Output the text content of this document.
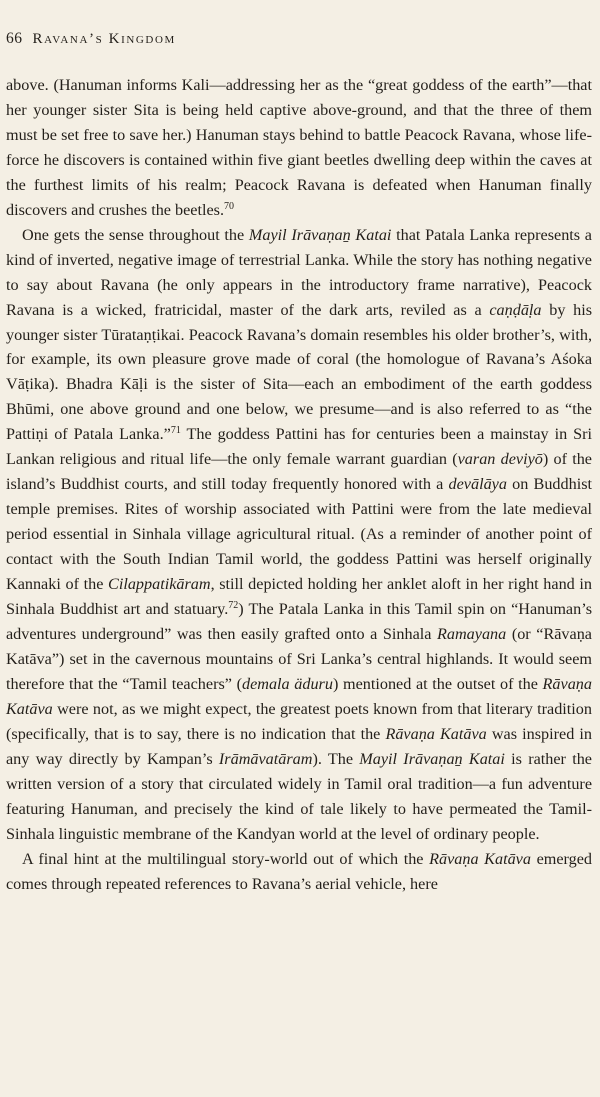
66 Ravana’s Kingdom

above. (Hanuman informs Kali—addressing her as the “great goddess of the earth”—that her younger sister Sita is being held captive above-ground, and that the three of them must be set free to save her.) Hanuman stays behind to battle Peacock Ravana, whose life-force he discovers is contained within five giant beetles dwelling deep within the caves at the furthest limits of his realm; Peacock Ravana is defeated when Hanuman finally discovers and crushes the beetles.$^{70}$

One gets the sense throughout the Mayil Irāvaṇaṉ Katai that Patala Lanka represents a kind of inverted, negative image of terrestrial Lanka. While the story has nothing negative to say about Ravana (he only appears in the introductory frame narrative), Peacock Ravana is a wicked, fratricidal, master of the dark arts, reviled as a caṇḍāḷa by his younger sister Tūrataṇṭikai. Peacock Ravana’s domain resembles his older brother’s, with, for example, its own pleasure grove made of coral (the homologue of Ravana’s Aśoka Vāṭika). Bhadra Kāḷi is the sister of Sita—each an embodiment of the earth goddess Bhūmi, one above ground and one below, we presume—and is also referred to as “the Pattiṇi of Patala Lanka.”$^{71}$ The goddess Pattini has for centuries been a mainstay in Sri Lankan religious and ritual life—the only female warrant guardian (varan deviyō) of the island’s Buddhist courts, and still today frequently honored with a devālāya on Buddhist temple premises. Rites of worship associated with Pattini were from the late medieval period essential in Sinhala village agricultural ritual. (As a reminder of another point of contact with the South Indian Tamil world, the goddess Pattini was herself originally Kannaki of the Cilappatikāram, still depicted holding her anklet aloft in her right hand in Sinhala Buddhist art and statuary.$^{72}$) The Patala Lanka in this Tamil spin on “Hanuman’s adventures underground” was then easily grafted onto a Sinhala Ramayana (or “Rāvaṇa Katāva”) set in the cavernous mountains of Sri Lanka’s central highlands. It would seem therefore that the “Tamil teachers” (demala äduru) mentioned at the outset of the Rāvaṇa Katāva were not, as we might expect, the greatest poets known from that literary tradition (specifically, that is to say, there is no indication that the Rāvaṇa Katāva was inspired in any way directly by Kampan’s Irāmāvatāram). The Mayil Irāvaṇaṉ Katai is rather the written version of a story that circulated widely in Tamil oral tradition—a fun adventure featuring Hanuman, and precisely the kind of tale likely to have permeated the Tamil-Sinhala linguistic membrane of the Kandyan world at the level of ordinary people.

A final hint at the multilingual story-world out of which the Rāvaṇa Katāva emerged comes through repeated references to Ravana’s aerial vehicle, here
